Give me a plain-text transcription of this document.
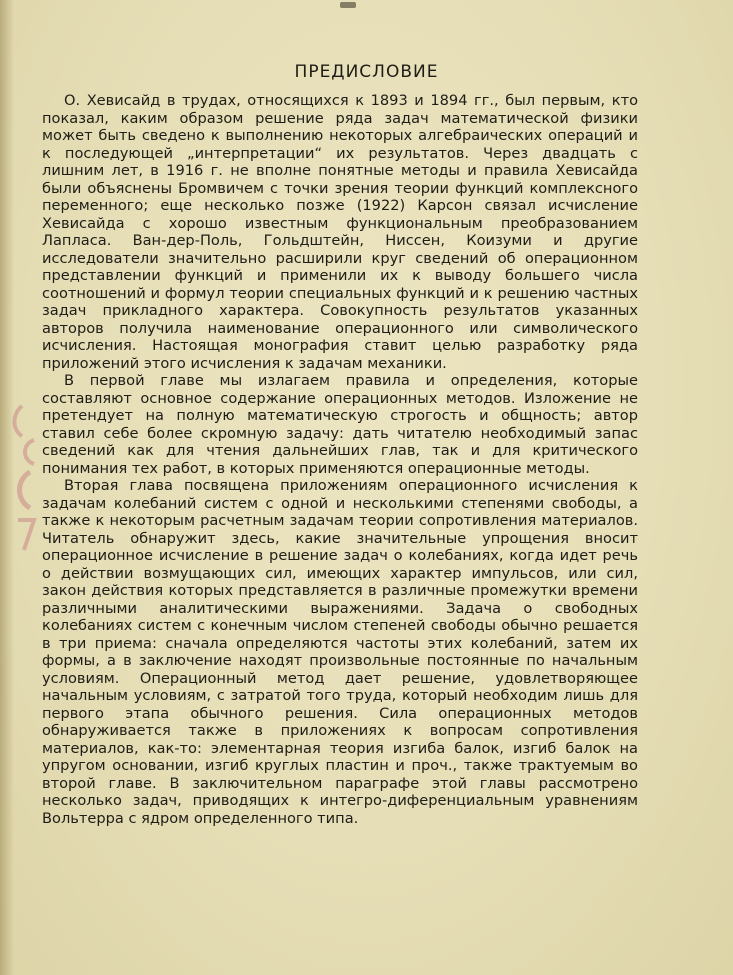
ПРЕДИСЛОВИЕ

О. Хевисайд в трудах, относящихся к 1893 и 1894 гг., был первым, кто показал, каким образом решение ряда задач математической физики может быть сведено к выполнению некоторых алгебраических операций и к последующей „интерпретации“ их результатов. Через двадцать с лишним лет, в 1916 г. не вполне понятные методы и правила Хевисайда были объяснены Бромвичем с точки зрения теории функций комплексного переменного; еще несколько позже (1922) Карсон связал исчисление Хевисайда с хорошо известным функциональным преобразованием Лапласа. Ван-дер-Поль, Гольдштейн, Ниссен, Коизуми и другие исследователи значительно расширили круг сведений об операционном представлении функций и применили их к выводу большего числа соотношений и формул теории специальных функций и к решению частных задач прикладного характера. Совокупность результатов указанных авторов получила наименование операционного или символического исчисления. Настоящая монография ставит целью разработку ряда приложений этого исчисления к задачам механики.

В первой главе мы излагаем правила и определения, которые составляют основное содержание операционных методов. Изложение не претендует на полную математическую строгость и общность; автор ставил себе более скромную задачу: дать читателю необходимый запас сведений как для чтения дальнейших глав, так и для критического понимания тех работ, в которых применяются операционные методы.

Вторая глава посвящена приложениям операционного исчисления к задачам колебаний систем с одной и несколькими степенями свободы, а также к некоторым расчетным задачам теории сопротивления материалов. Читатель обнаружит здесь, какие значительные упрощения вносит операционное исчисление в решение задач о колебаниях, когда идет речь о действии возмущающих сил, имеющих характер импульсов, или сил, закон действия которых представляется в различные промежутки времени различными аналитическими выражениями. Задача о свободных колебаниях систем с конечным числом степеней свободы обычно решается в три приема: сначала определяются частоты этих колебаний, затем их формы, а в заключение находят произвольные постоянные по начальным условиям. Операционный метод дает решение, удовлетворяющее начальным условиям, с затратой того труда, который необходим лишь для первого этапа обычного решения. Сила операционных методов обнаруживается также в приложениях к вопросам сопротивления материалов, как-то: элементарная теория изгиба балок, изгиб балок на упругом основании, изгиб круглых пластин и проч., также трактуемым во второй главе. В заключительном параграфе этой главы рассмотрено несколько задач, приводящих к интегро-диференциальным уравнениям Вольтерра с ядром определенного типа.
